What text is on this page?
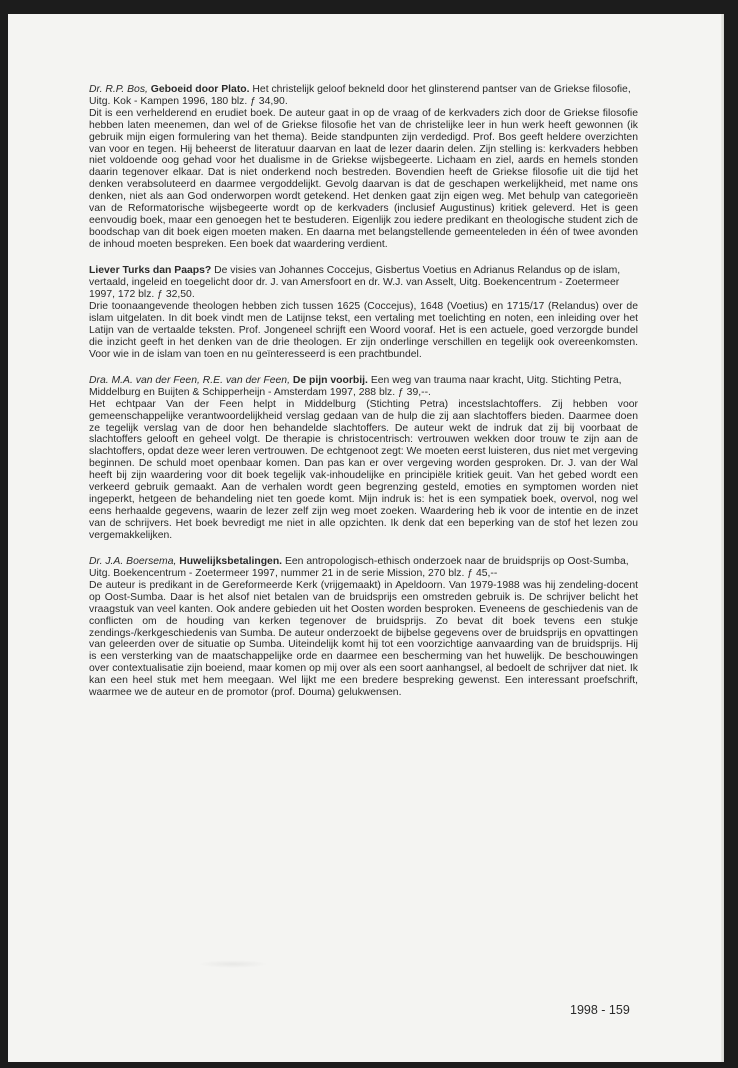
Dr. R.P. Bos, Geboeid door Plato. Het christelijk geloof bekneld door het glinsterend pantser van de Griekse filosofie, Uitg. Kok - Kampen 1996, 180 blz. ƒ 34,90.

Dit is een verhelderend en erudiet boek. De auteur gaat in op de vraag of de kerkvaders zich door de Griekse filosofie hebben laten meenemen, dan wel of de Griekse filosofie het van de christelijke leer in hun werk heeft gewonnen (ik gebruik mijn eigen formulering van het thema). Beide standpunten zijn verdedigd. Prof. Bos geeft heldere overzichten van voor en tegen. Hij beheerst de literatuur daarvan en laat de lezer daarin delen. Zijn stelling is: kerkvaders hebben niet voldoende oog gehad voor het dualisme in de Griekse wijsbegeerte. Lichaam en ziel, aards en hemels stonden daarin tegenover elkaar. Dat is niet onderkend noch bestreden. Bovendien heeft de Griekse filosofie uit die tijd het denken verabsoluteerd en daarmee vergoddelijkt. Gevolg daarvan is dat de geschapen werkelijkheid, met name ons denken, niet als aan God onderworpen wordt getekend. Het denken gaat zijn eigen weg. Met behulp van categorieën van de Reformatorische wijsbegeerte wordt op de kerkvaders (inclusief Augustinus) kritiek geleverd. Het is geen eenvoudig boek, maar een genoegen het te bestuderen. Eigenlijk zou iedere predikant en theologische student zich de boodschap van dit boek eigen moeten maken. En daarna met belangstellende gemeenteleden in één of twee avonden de inhoud moeten bespreken. Een boek dat waardering verdient.

Liever Turks dan Paaps? De visies van Johannes Coccejus, Gisbertus Voetius en Adrianus Relandus op de islam, vertaald, ingeleid en toegelicht door dr. J. van Amersfoort en dr. W.J. van Asselt, Uitg. Boekencentrum - Zoetermeer 1997, 172 blz. ƒ 32,50.

Drie toonaangevende theologen hebben zich tussen 1625 (Coccejus), 1648 (Voetius) en 1715/17 (Relandus) over de islam uitgelaten. In dit boek vindt men de Latijnse tekst, een vertaling met toelichting en noten, een inleiding over het Latijn van de vertaalde teksten. Prof. Jongeneel schrijft een Woord vooraf. Het is een actuele, goed verzorgde bundel die inzicht geeft in het denken van de drie theologen. Er zijn onderlinge verschillen en tegelijk ook overeenkomsten. Voor wie in de islam van toen en nu geïnteresseerd is een prachtbundel.

Dra. M.A. van der Feen, R.E. van der Feen, De pijn voorbij. Een weg van trauma naar kracht, Uitg. Stichting Petra, Middelburg en Buijten & Schipperheijn - Amsterdam 1997, 288 blz. ƒ 39,--.

Het echtpaar Van der Feen helpt in Middelburg (Stichting Petra) incestslachtoffers. Zij hebben voor gemeenschappelijke verantwoordelijkheid verslag gedaan van de hulp die zij aan slachtoffers bieden. Daarmee doen ze tegelijk verslag van de door hen behandelde slachtoffers. De auteur wekt de indruk dat zij bij voorbaat de slachtoffers gelooft en geheel volgt. De therapie is christocentrisch: vertrouwen wekken door trouw te zijn aan de slachtoffers, opdat deze weer leren vertrouwen. De echtgenoot zegt: We moeten eerst luisteren, dus niet met vergeving beginnen. De schuld moet openbaar komen. Dan pas kan er over vergeving worden gesproken. Dr. J. van der Wal heeft bij zijn waardering voor dit boek tegelijk vak-inhoudelijke en principiële kritiek geuit. Van het gebed wordt een verkeerd gebruik gemaakt. Aan de verhalen wordt geen begrenzing gesteld, emoties en symptomen worden niet ingeperkt, hetgeen de behandeling niet ten goede komt. Mijn indruk is: het is een sympatiek boek, overvol, nog wel eens herhaalde gegevens, waarin de lezer zelf zijn weg moet zoeken. Waardering heb ik voor de intentie en de inzet van de schrijvers. Het boek bevredigt me niet in alle opzichten. Ik denk dat een beperking van de stof het lezen zou vergemakkelijken.

Dr. J.A. Boersema, Huwelijksbetalingen. Een antropologisch-ethisch onderzoek naar de bruidsprijs op Oost-Sumba, Uitg. Boekencentrum - Zoetermeer 1997, nummer 21 in de serie Mission, 270 blz. ƒ 45,--

De auteur is predikant in de Gereformeerde Kerk (vrijgemaakt) in Apeldoorn. Van 1979-1988 was hij zendeling-docent op Oost-Sumba. Daar is het alsof niet betalen van de bruidsprijs een omstreden gebruik is. De schrijver belicht het vraagstuk van veel kanten. Ook andere gebieden uit het Oosten worden besproken. Eveneens de geschiedenis van de conflicten om de houding van kerken tegenover de bruidsprijs. Zo bevat dit boek tevens een stukje zendings-/kerkgeschiedenis van Sumba. De auteur onderzoekt de bijbelse gegevens over de bruidsprijs en opvattingen van geleerden over de situatie op Sumba. Uiteindelijk komt hij tot een voorzichtige aanvaarding van de bruidsprijs. Hij is een versterking van de maatschappelijke orde en daarmee een bescherming van het huwelijk. De beschouwingen over contextualisatie zijn boeiend, maar komen op mij over als een soort aanhangsel, al bedoelt de schrijver dat niet. Ik kan een heel stuk met hem meegaan. Wel lijkt me een bredere bespreking gewenst. Een interessant proefschrift, waarmee we de auteur en de promotor (prof. Douma) gelukwensen.

1998 - 159
